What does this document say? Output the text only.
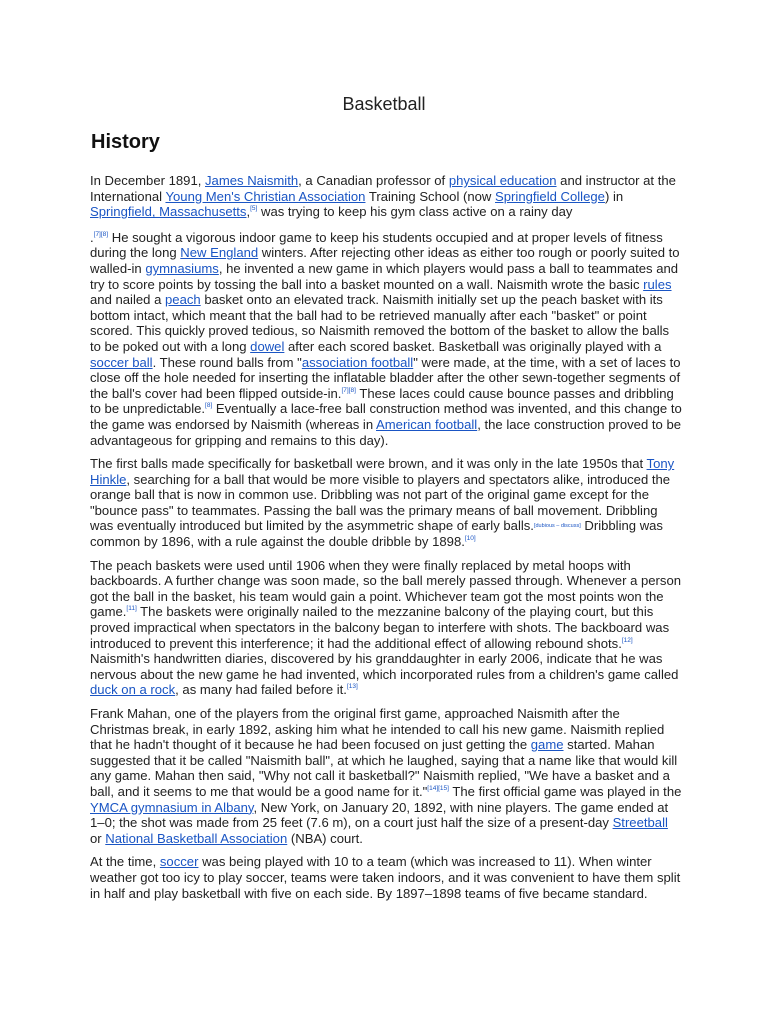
Basketball
History

In December 1891, James Naismith, a Canadian professor of physical education and instructor at the International Young Men's Christian Association Training School (now Springfield College) in Springfield, Massachusetts,[5] was trying to keep his gym class active on a rainy day

.[7][8] He sought a vigorous indoor game to keep his students occupied and at proper levels of fitness during the long New England winters. After rejecting other ideas as either too rough or poorly suited to walled-in gymnasiums, he invented a new game in which players would pass a ball to teammates and try to score points by tossing the ball into a basket mounted on a wall. Naismith wrote the basic rules and nailed a peach basket onto an elevated track. Naismith initially set up the peach basket with its bottom intact, which meant that the ball had to be retrieved manually after each "basket" or point scored. This quickly proved tedious, so Naismith removed the bottom of the basket to allow the balls to be poked out with a long dowel after each scored basket. Basketball was originally played with a soccer ball. These round balls from "association football" were made, at the time, with a set of laces to close off the hole needed for inserting the inflatable bladder after the other sewn-together segments of the ball's cover had been flipped outside-in.[7][8] These laces could cause bounce passes and dribbling to be unpredictable.[8] Eventually a lace-free ball construction method was invented, and this change to the game was endorsed by Naismith (whereas in American football, the lace construction proved to be advantageous for gripping and remains to this day).

The first balls made specifically for basketball were brown, and it was only in the late 1950s that Tony Hinkle, searching for a ball that would be more visible to players and spectators alike, introduced the orange ball that is now in common use. Dribbling was not part of the original game except for the "bounce pass" to teammates. Passing the ball was the primary means of ball movement. Dribbling was eventually introduced but limited by the asymmetric shape of early balls.[dubious – discuss] Dribbling was common by 1896, with a rule against the double dribble by 1898.[10]

The peach baskets were used until 1906 when they were finally replaced by metal hoops with backboards. A further change was soon made, so the ball merely passed through. Whenever a person got the ball in the basket, his team would gain a point. Whichever team got the most points won the game.[11] The baskets were originally nailed to the mezzanine balcony of the playing court, but this proved impractical when spectators in the balcony began to interfere with shots. The backboard was introduced to prevent this interference; it had the additional effect of allowing rebound shots.[12] Naismith's handwritten diaries, discovered by his granddaughter in early 2006, indicate that he was nervous about the new game he had invented, which incorporated rules from a children's game called duck on a rock, as many had failed before it.[13]

Frank Mahan, one of the players from the original first game, approached Naismith after the Christmas break, in early 1892, asking him what he intended to call his new game. Naismith replied that he hadn't thought of it because he had been focused on just getting the game started. Mahan suggested that it be called "Naismith ball", at which he laughed, saying that a name like that would kill any game. Mahan then said, "Why not call it basketball?" Naismith replied, "We have a basket and a ball, and it seems to me that would be a good name for it."[14][15] The first official game was played in the YMCA gymnasium in Albany, New York, on January 20, 1892, with nine players. The game ended at 1–0; the shot was made from 25 feet (7.6 m), on a court just half the size of a present-day Streetball or National Basketball Association (NBA) court.

At the time, soccer was being played with 10 to a team (which was increased to 11). When winter weather got too icy to play soccer, teams were taken indoors, and it was convenient to have them split in half and play basketball with five on each side. By 1897–1898 teams of five became standard.
